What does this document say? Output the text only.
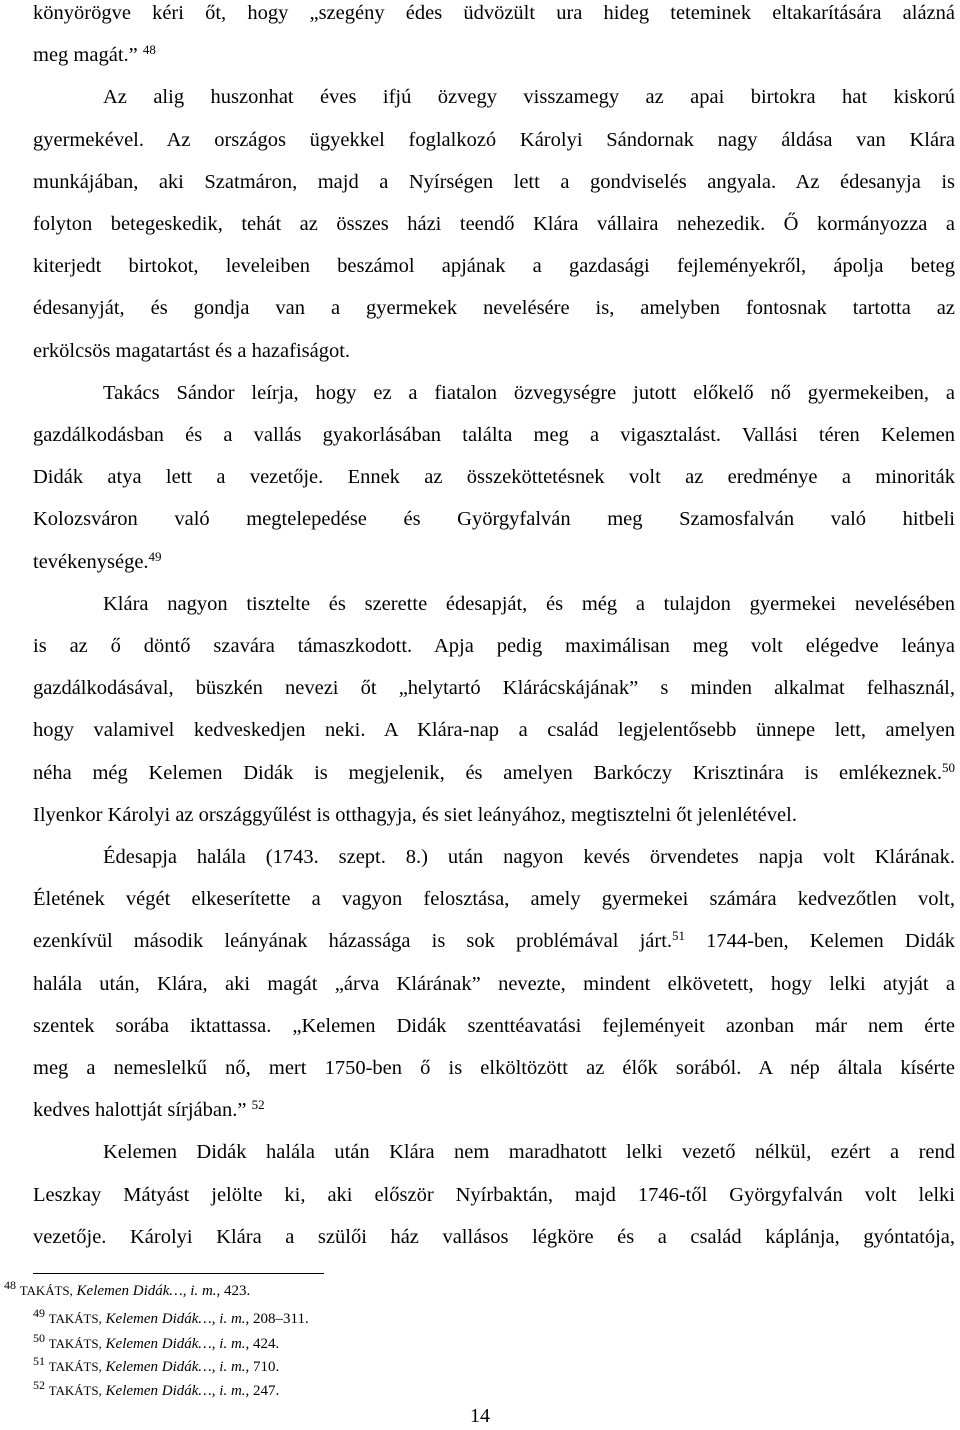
könyörögve kéri őt, hogy „szegény édes üdvözült ura hideg teteminek eltakarítására alázná
meg magát.” $^{48}$
Az alig huszonhat éves ifjú özvegy visszamegy az apai birtokra hat kiskorú
gyermekével. Az országos ügyekkel foglalkozó Károlyi Sándornak nagy áldása van Klára
munkájában, aki Szatmáron, majd a Nyírségen lett a gondviselés angyala. Az édesanyja is
folyton betegeskedik, tehát az összes házi teendő Klára vállaira nehezedik. Ő kormányozza a
kiterjedt birtokot, leveleiben beszámol apjának a gazdasági fejleményekről, ápolja beteg
édesanyját, és gondja van a gyermekek nevelésére is, amelyben fontosnak tartotta az
erkölcsös magatartást és a hazafiságot.
Takács Sándor leírja, hogy ez a fiatalon özvegységre jutott előkelő nő gyermekeiben, a
gazdálkodásban és a vallás gyakorlásában találta meg a vigasztalást. Vallási téren Kelemen
Didák atya lett a vezetője. Ennek az összeköttetésnek volt az eredménye a minoriták
Kolozsváron való megtelepedése és Györgyfalván meg Szamosfalván való hitbeli
tevékenysége.$^{49}$
Klára nagyon tisztelte és szerette édesapját, és még a tulajdon gyermekei nevelésében
is az ő döntő szavára támaszkodott. Apja pedig maximálisan meg volt elégedve leánya
gazdálkodásával, büszkén nevezi őt „helytartó Klárácskájának” s minden alkalmat felhasznál,
hogy valamivel kedveskedjen neki. A Klára-nap a család legjelentősebb ünnepe lett, amelyen
néha még Kelemen Didák is megjelenik, és amelyen Barkóczy Krisztinára is emlékeznek.$^{50}$
Ilyenkor Károlyi az országgyűlést is otthagyja, és siet leányához, megtisztelni őt jelenlétével.
Édesapja halála (1743. szept. 8.) után nagyon kevés örvendetes napja volt Klárának.
Életének végét elkeserítette a vagyon felosztása, amely gyermekei számára kedvezőtlen volt,
ezenkívül második leányának házassága is sok problémával járt.$^{51}$ 1744-ben, Kelemen Didák
halála után, Klára, aki magát „árva Klárának” nevezte, mindent elkövetett, hogy lelki atyját a
szentek sorába iktattassa. „Kelemen Didák szenttéavatási fejleményeit azonban már nem érte
meg a nemeslelkű nő, mert 1750-ben ő is elköltözött az élők sorából. A nép általa kísérte
kedves halottját sírjában.” $^{52}$
Kelemen Didák halála után Klára nem maradhatott lelki vezető nélkül, ezért a rend
Leszkay Mátyást jelölte ki, aki először Nyírbaktán, majd 1746-től Györgyfalván volt lelki
vezetője. Károlyi Klára a szülői ház vallásos légköre és a család káplánja, gyóntatója,
$^{48}$ TAKÁTS, Kelemen Didák…, i. m., 423.
$^{49}$ TAKÁTS, Kelemen Didák…, i. m., 208–311.
$^{50}$ TAKÁTS, Kelemen Didák…, i. m., 424.
$^{51}$ TAKÁTS, Kelemen Didák…, i. m., 710.
$^{52}$ TAKÁTS, Kelemen Didák…, i. m., 247.
14
